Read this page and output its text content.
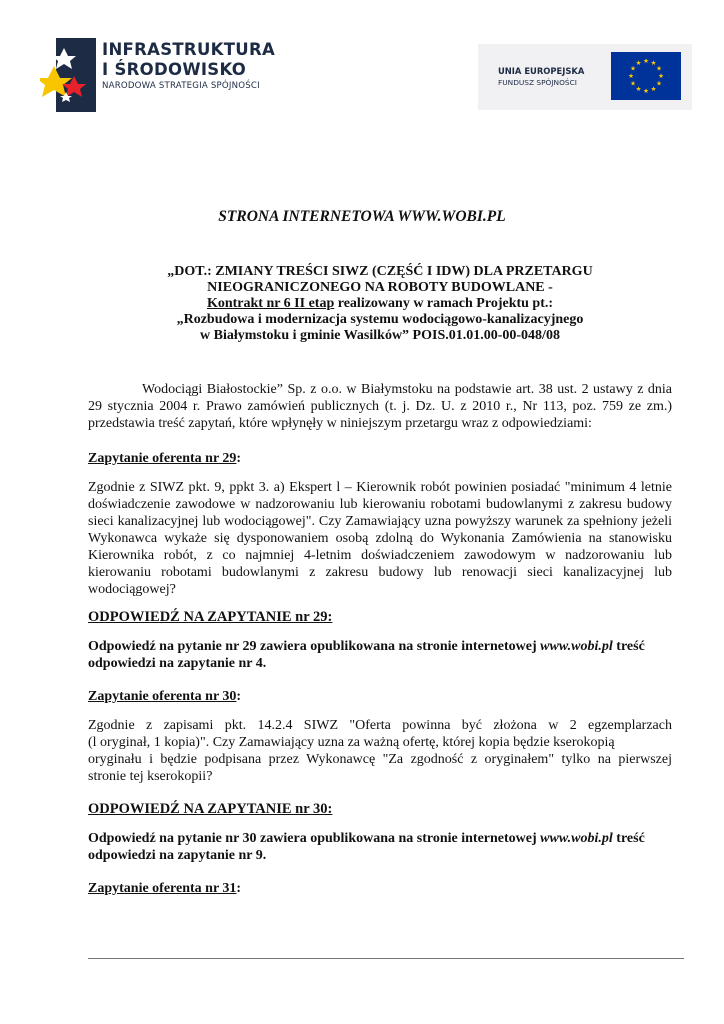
INFRASTRUKTURA
I ŚRODOWISKO
NARODOWA STRATEGIA SPÓJNOŚCI
UNIA EUROPEJSKA
FUNDUSZ SPÓJNOŚCI
★ ★
★
★
★
★
★
★
★
★
★
★
STRONA INTERNETOWA WWW.WOBI.PL
„DOT.: ZMIANY TREŚCI SIWZ (CZĘŚĆ I IDW) DLA PRZETARGU
NIEOGRANICZONEGO NA ROBOTY BUDOWLANE -
Kontrakt nr 6 II etap realizowany w ramach Projektu pt.:
„Rozbudowa i modernizacja systemu wodociągowo-kanalizacyjnego
w Białymstoku i gminie Wasilków” POIS.01.01.00-00-048/08
Wodociągi Białostockie” Sp. z o.o. w Białymstoku na podstawie art. 38 ust. 2 ustawy z dnia 29 stycznia 2004 r. Prawo zamówień publicznych (t. j. Dz. U. z 2010 r., Nr 113, poz. 759 ze zm.) przedstawia treść zapytań, które wpłynęły w niniejszym przetargu wraz z odpowiedziami:
Zapytanie oferenta nr 29:
Zgodnie z SIWZ pkt. 9, ppkt 3. a) Ekspert l – Kierownik robót powinien posiadać "minimum 4 letnie doświadczenie zawodowe w nadzorowaniu lub kierowaniu robotami budowlanymi z zakresu budowy sieci kanalizacyjnej lub wodociągowej". Czy Zamawiający uzna powyższy warunek za spełniony jeżeli Wykonawca wykaże się dysponowaniem osobą zdolną do Wykonania Zamówienia na stanowisku Kierownika robót, z co najmniej 4-letnim doświadczeniem zawodowym w nadzorowaniu lub kierowaniu robotami budowlanymi z zakresu budowy lub renowacji sieci kanalizacyjnej lub wodociągowej?
ODPOWIEDŹ NA ZAPYTANIE nr 29:
Odpowiedź na pytanie nr 29 zawiera opublikowana na stronie internetowej www.wobi.pl treść odpowiedzi na zapytanie nr 4.
Zapytanie oferenta nr 30:
Zgodnie z zapisami pkt. 14.2.4 SIWZ "Oferta powinna być złożona w 2 egzemplarzach
(l oryginał, 1 kopia)". Czy Zamawiający uzna za ważną ofertę, której kopia będzie kserokopią
oryginału i będzie podpisana przez Wykonawcę "Za zgodność z oryginałem" tylko na pierwszej
stronie tej kserokopii?
ODPOWIEDŹ NA ZAPYTANIE nr 30:
Odpowiedź na pytanie nr 30 zawiera opublikowana na stronie internetowej www.wobi.pl treść odpowiedzi na zapytanie nr 9.
Zapytanie oferenta nr 31:
